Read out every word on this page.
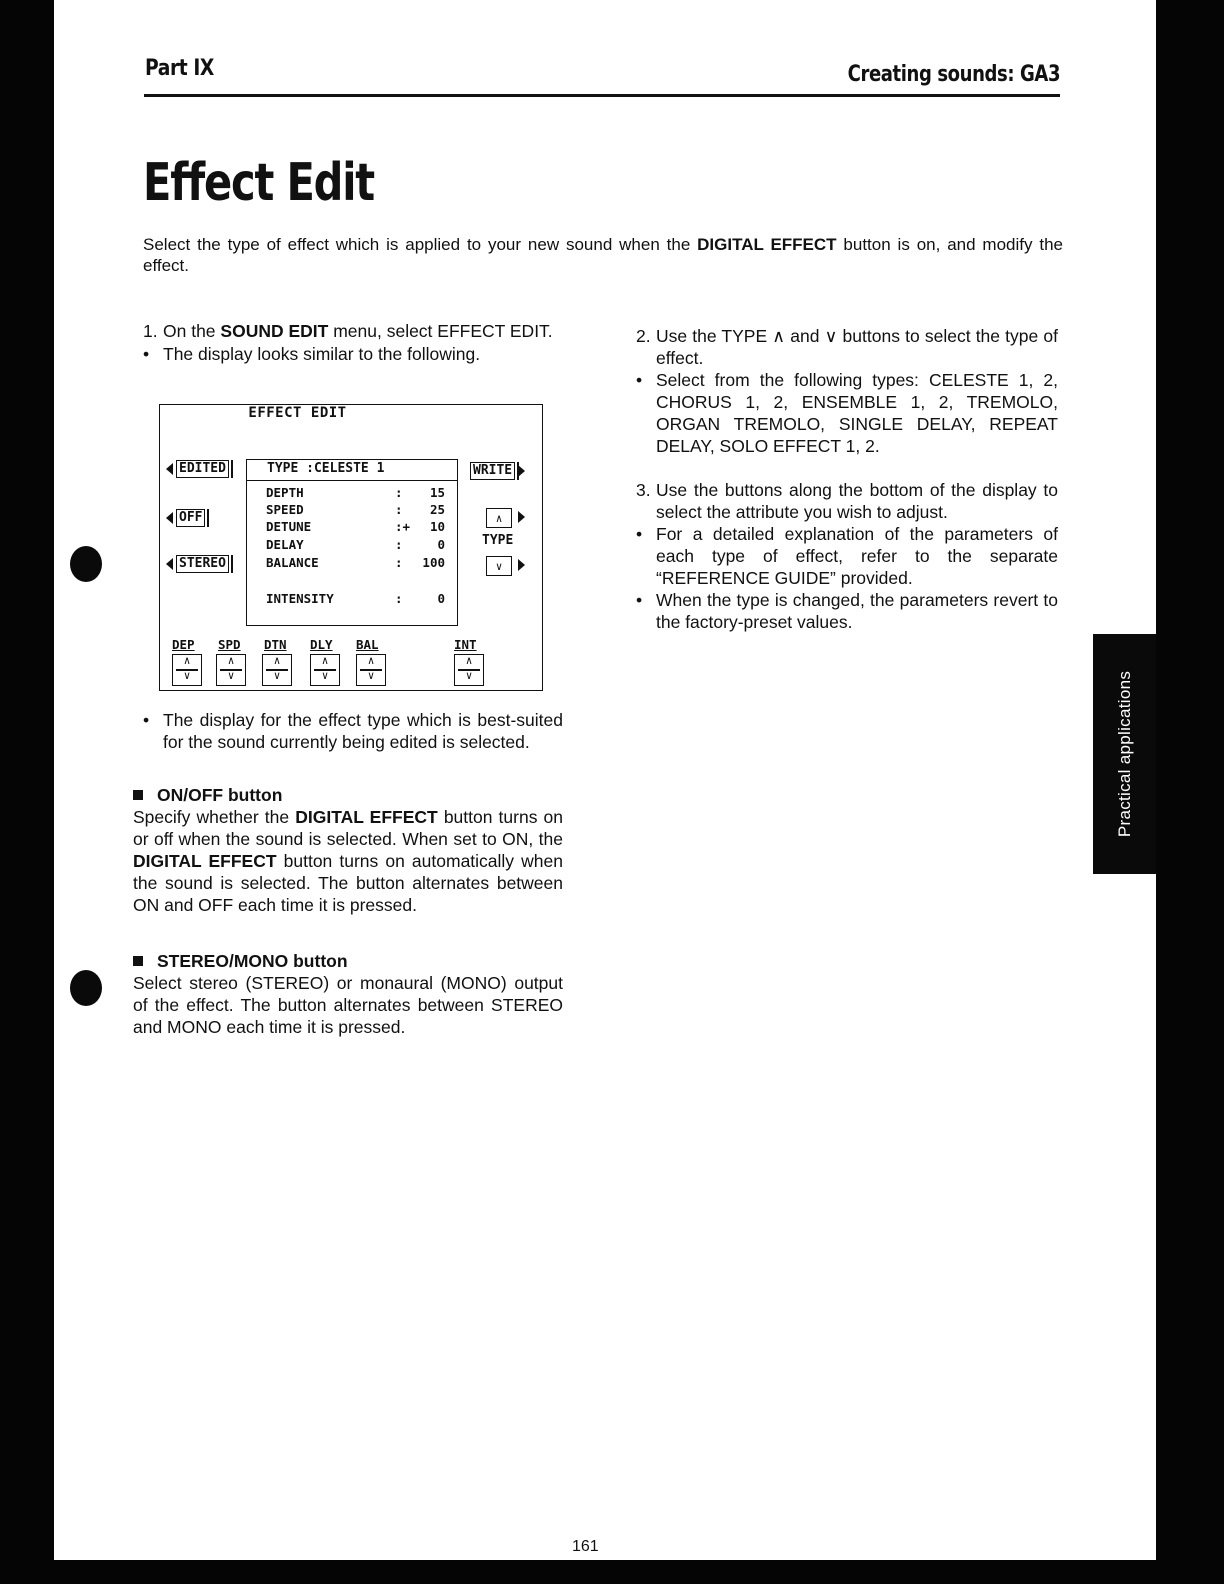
Part IX	Creating sounds: GA3
Effect Edit
Select the type of effect which is applied to your new sound when the DIGITAL EFFECT button is on, and modify the effect.
1. On the SOUND EDIT menu, select EFFECT EDIT.
• The display looks similar to the following.
EFFECT EDIT
EDITED
OFF
STEREO
WRITE
TYPE :CELESTE 1
DEPTH	: 15
SPEED	: 25
DETUNE	:+ 10
DELAY	:	0
BALANCE	: 100
INTENSITY	:	0
∧
TYPE
∨
DEP SPD DTN DLY BAL	INT
∧
∨
∧
∨
∧
∨
∧
∨
∧
∨
∧
∨
• The display for the effect type which is best-suited for the sound currently being edited is selected.
ON/OFF button
Specify whether the DIGITAL EFFECT button turns on or off when the sound is selected. When set to ON, the DIGITAL EFFECT button turns on automatically when the sound is selected. The button alternates between ON and OFF each time it is pressed.
STEREO/MONO button
Select stereo (STEREO) or monaural (MONO) output of the effect. The button alternates between STEREO and MONO each time it is pressed.
2. Use the TYPE ∧ and ∨ buttons to select the type of effect.
• Select from the following types: CELESTE 1, 2, CHORUS 1, 2, ENSEMBLE 1, 2, TREMOLO, ORGAN TREMOLO, SINGLE DELAY, REPEAT DELAY, SOLO EFFECT 1, 2.
3. Use the buttons along the bottom of the display to select the attribute you wish to adjust.
• For a detailed explanation of the parameters of each type of effect, refer to the separate “REFERENCE GUIDE” provided.
• When the type is changed, the parameters revert to the factory-preset values.
Practical applications
161
